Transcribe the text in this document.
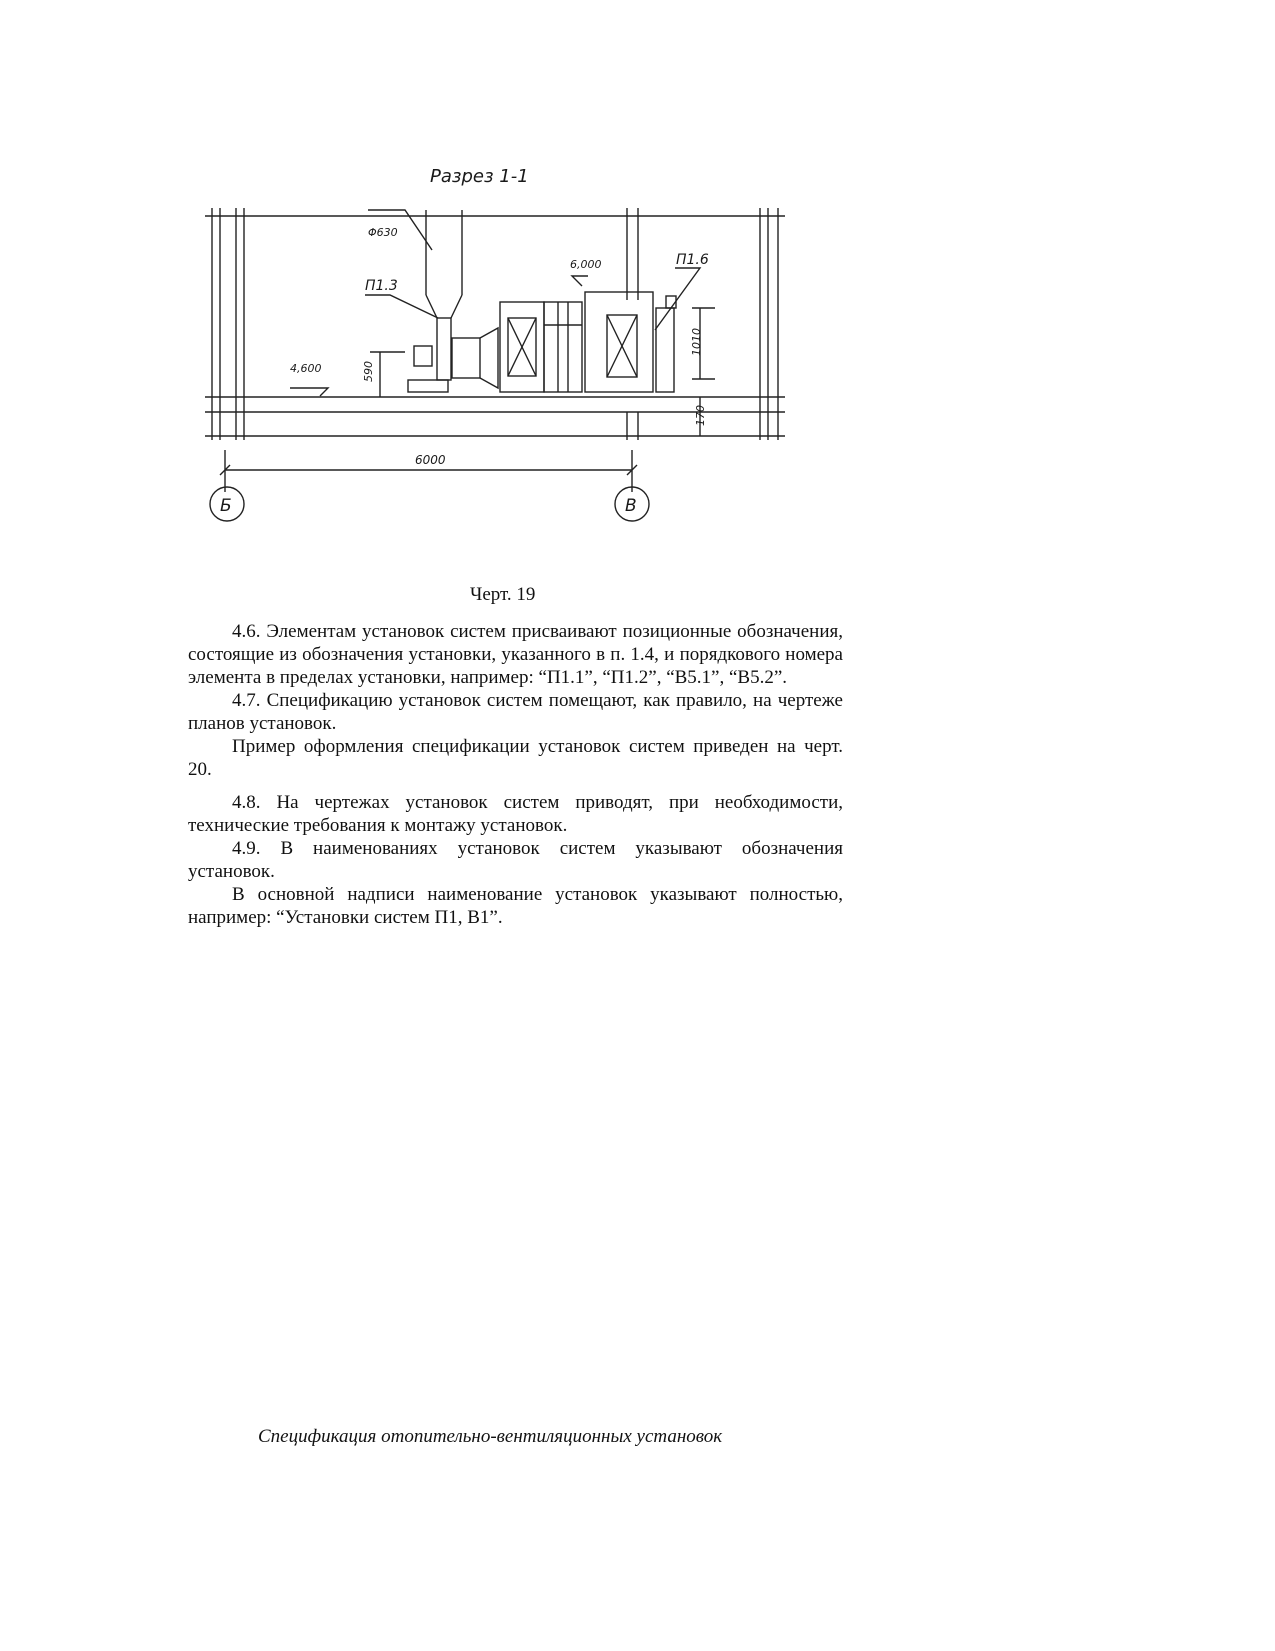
Разрез 1-1
Φ630
П1.3
П1.6
6,000
4,600	590
1010
170
6000
Б	В
Черт. 19

4.6. Элементам установок систем присваивают позиционные обозначения, состоящие из обозначения установки, указанного в п. 1.4, и порядкового номера элемента в пределах установки, например: “П1.1”, “П1.2”, “В5.1”, “В5.2”.

4.7. Спецификацию установок систем помещают, как правило, на чертеже планов установок.

Пример оформления спецификации установок систем приведен на черт. 20.

4.8. На чертежах установок систем приводят, при необходимости, технические требования к монтажу установок.

4.9. В наименованиях установок систем указывают обозначения установок.

В основной надписи наименование установок указывают полностью, например: “Установки систем П1, В1”.

Спецификация отопительно-вентиляционных установок
